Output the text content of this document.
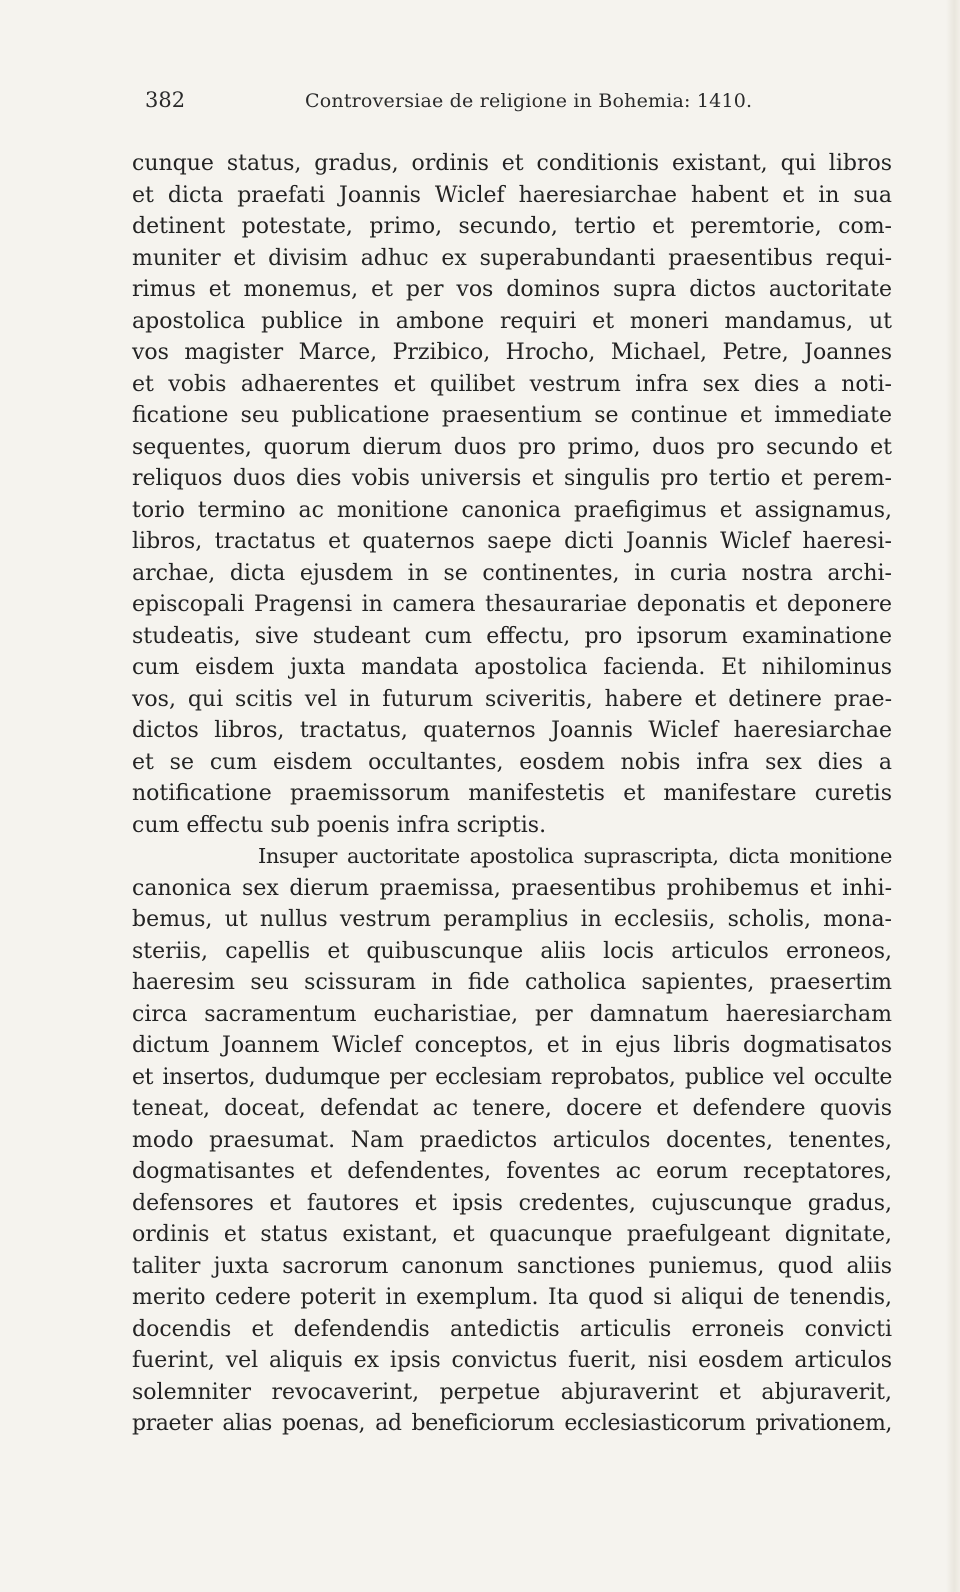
382	Controversiae de religione in Bohemia: 1410.
cunque status, gradus, ordinis et conditionis existant, qui libros
et dicta praefati Joannis Wiclef haeresiarchae habent et in sua
detinent potestate, primo, secundo, tertio et peremtorie, com-
muniter et divisim adhuc ex superabundanti praesentibus requi-
rimus et monemus, et per vos dominos supra dictos auctoritate
apostolica publice in ambone requiri et moneri mandamus, ut
vos magister Marce, Przibico, Hrocho, Michael, Petre, Joannes
et vobis adhaerentes et quilibet vestrum infra sex dies a noti-
ficatione seu publicatione praesentium se continue et immediate
sequentes, quorum dierum duos pro primo, duos pro secundo et
reliquos duos dies vobis universis et singulis pro tertio et perem-
torio termino ac monitione canonica praefigimus et assignamus,
libros, tractatus et quaternos saepe dicti Joannis Wiclef haeresi-
archae, dicta ejusdem in se continentes, in curia nostra archi-
episcopali Pragensi in camera thesaurariae deponatis et deponere
studeatis, sive studeant cum effectu, pro ipsorum examinatione
cum eisdem juxta mandata apostolica facienda. Et nihilominus
vos, qui scitis vel in futurum sciveritis, habere et detinere prae-
dictos libros, tractatus, quaternos Joannis Wiclef haeresiarchae
et se cum eisdem occultantes, eosdem nobis infra sex dies a
notificatione praemissorum manifestetis et manifestare curetis
cum effectu sub poenis infra scriptis.
Insuper auctoritate apostolica suprascripta, dicta monitione
canonica sex dierum praemissa, praesentibus prohibemus et inhi-
bemus, ut nullus vestrum peramplius in ecclesiis, scholis, mona-
steriis, capellis et quibuscunque aliis locis articulos erroneos,
haeresim seu scissuram in fide catholica sapientes, praesertim
circa sacramentum eucharistiae, per damnatum haeresiarcham
dictum Joannem Wiclef conceptos, et in ejus libris dogmatisatos
et insertos, dudumque per ecclesiam reprobatos, publice vel occulte
teneat, doceat, defendat ac tenere, docere et defendere quovis
modo praesumat. Nam praedictos articulos docentes, tenentes,
dogmatisantes et defendentes, foventes ac eorum receptatores,
defensores et fautores et ipsis credentes, cujuscunque gradus,
ordinis et status existant, et quacunque praefulgeant dignitate,
taliter juxta sacrorum canonum sanctiones puniemus, quod aliis
merito cedere poterit in exemplum. Ita quod si aliqui de tenendis,
docendis et defendendis antedictis articulis erroneis convicti
fuerint, vel aliquis ex ipsis convictus fuerit, nisi eosdem articulos
solemniter revocaverint, perpetue abjuraverint et abjuraverit,
praeter alias poenas, ad beneficiorum ecclesiasticorum privationem,
